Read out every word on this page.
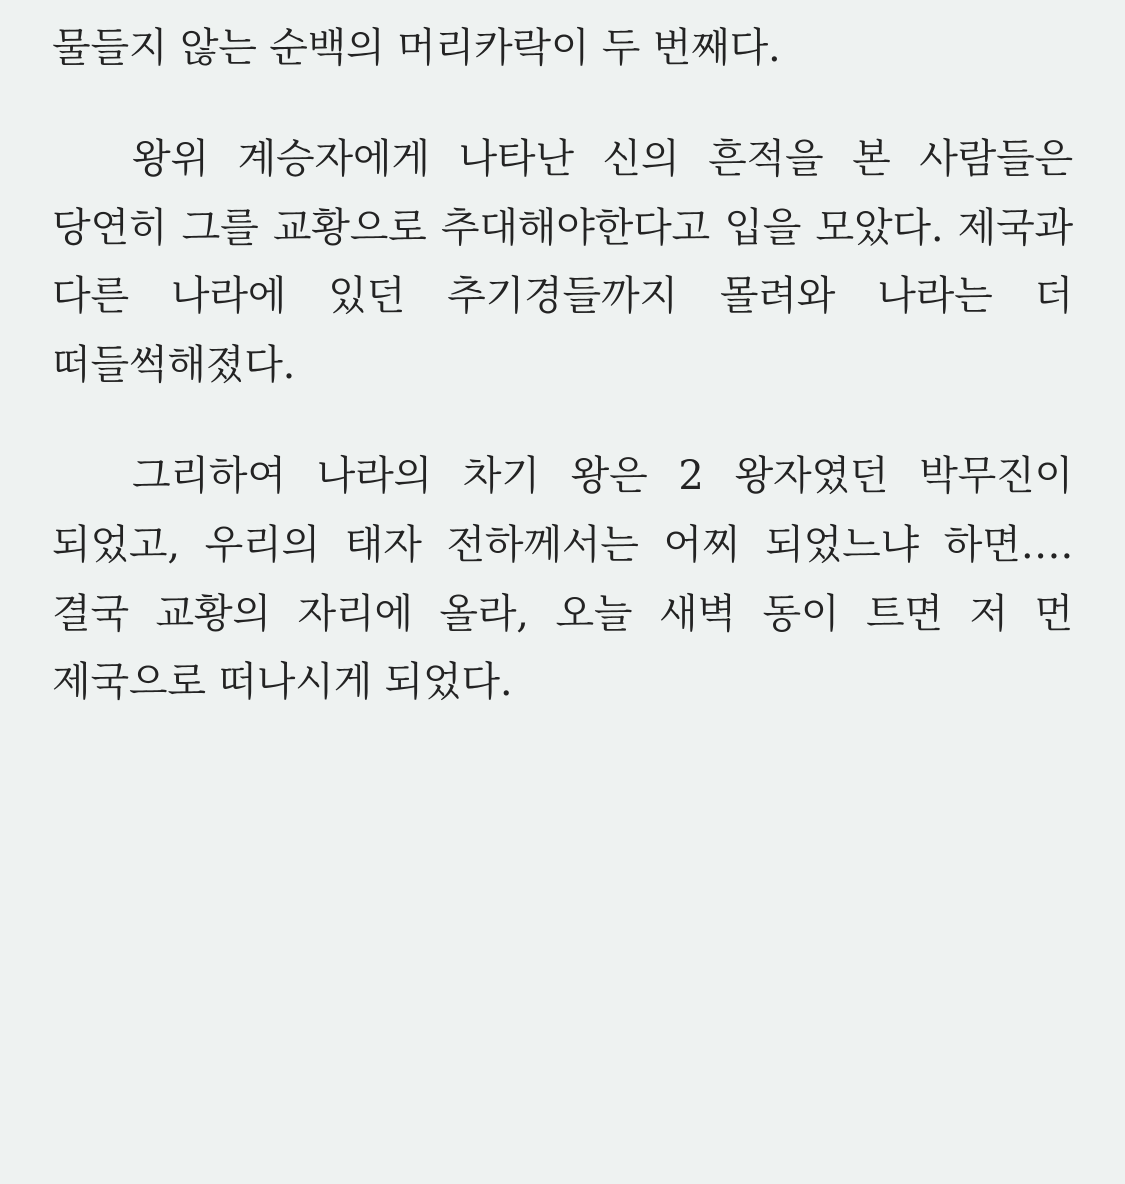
물들지 않는 순백의 머리카락이 두 번째다.

왕위 계승자에게 나타난 신의 흔적을 본 사람들은 당연히 그를 교황으로 추대해야한다고 입을 모았다. 제국과 다른 나라에 있던 추기경들까지 몰려와 나라는 더 떠들썩해졌다.

그리하여 나라의 차기 왕은 2 왕자였던 박무진이 되었고, 우리의 태자 전하께서는 어찌 되었느냐 하면…. 결국 교황의 자리에 올라, 오늘 새벽 동이 트면 저 먼 제국으로 떠나시게 되었다.
